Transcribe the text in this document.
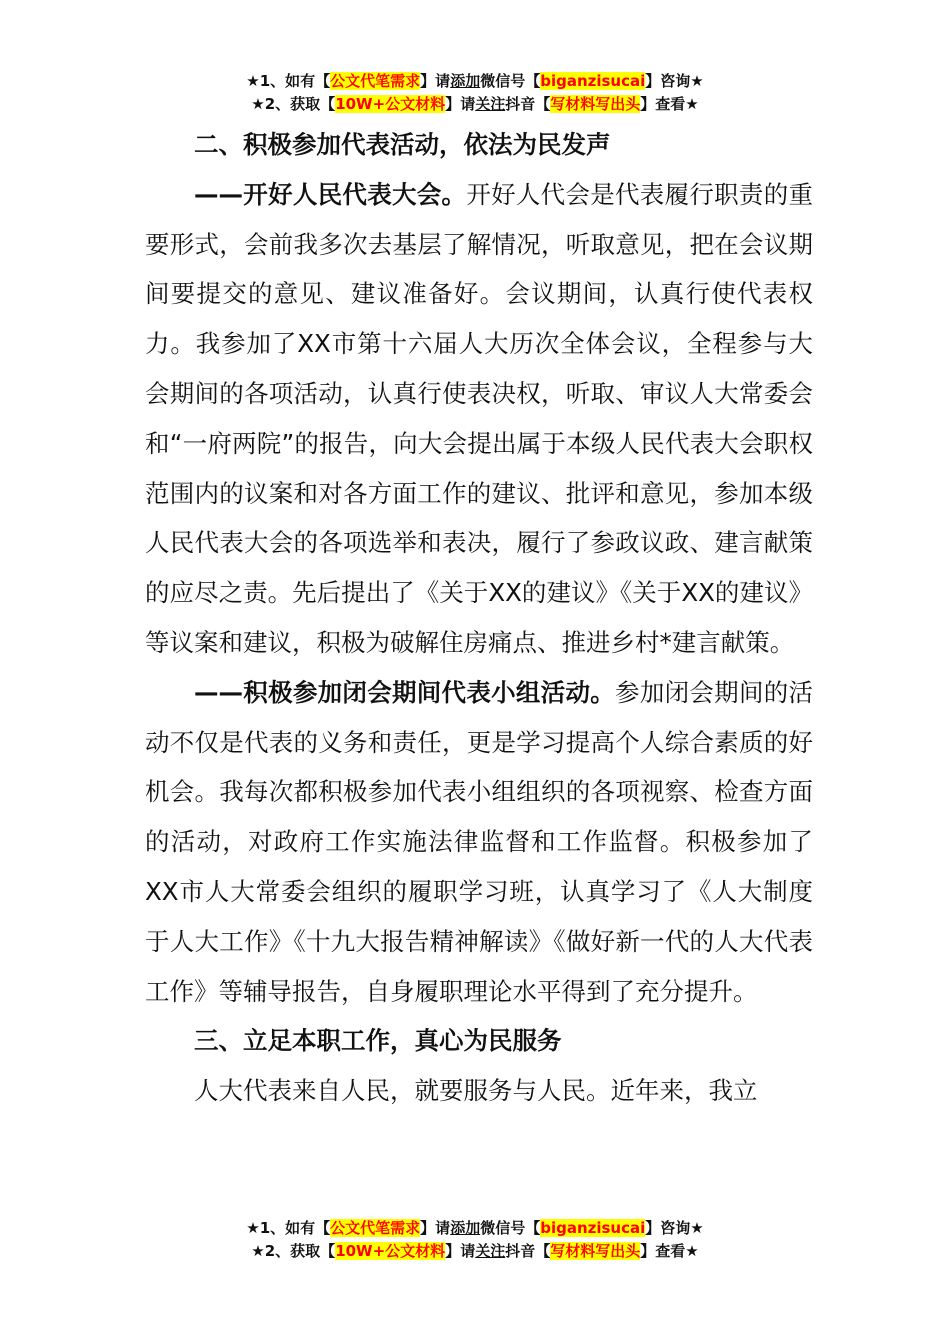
★1、如有【公文代笔需求】请添加微信号【biganzisucai】咨询★
★2、获取【10W+公文材料】请关注抖音【写材料写出头】查看★
二、积极参加代表活动，依法为民发声

——开好人民代表大会。开好人代会是代表履行职责的重要形式，会前我多次去基层了解情况，听取意见，把在会议期间要提交的意见、建议准备好。会议期间，认真行使代表权力。我参加了XX市第十六届人大历次全体会议，全程参与大会期间的各项活动，认真行使表决权，听取、审议人大常委会和“一府两院”的报告，向大会提出属于本级人民代表大会职权范围内的议案和对各方面工作的建议、批评和意见，参加本级人民代表大会的各项选举和表决，履行了参政议政、建言献策的应尽之责。先后提出了《关于XX的建议》《关于XX的建议》等议案和建议，积极为破解住房痛点、推进乡村*建言献策。

——积极参加闭会期间代表小组活动。参加闭会期间的活动不仅是代表的义务和责任，更是学习提高个人综合素质的好机会。我每次都积极参加代表小组组织的各项视察、检查方面的活动，对政府工作实施法律监督和工作监督。积极参加了XX市人大常委会组织的履职学习班，认真学习了《人大制度于人大工作》《十九大报告精神解读》《做好新一代的人大代表工作》等辅导报告，自身履职理论水平得到了充分提升。

三、立足本职工作，真心为民服务

人大代表来自人民，就要服务与人民。近年来，我立

★1、如有【公文代笔需求】请添加微信号【biganzisucai】咨询★
★2、获取【10W+公文材料】请关注抖音【写材料写出头】查看★
